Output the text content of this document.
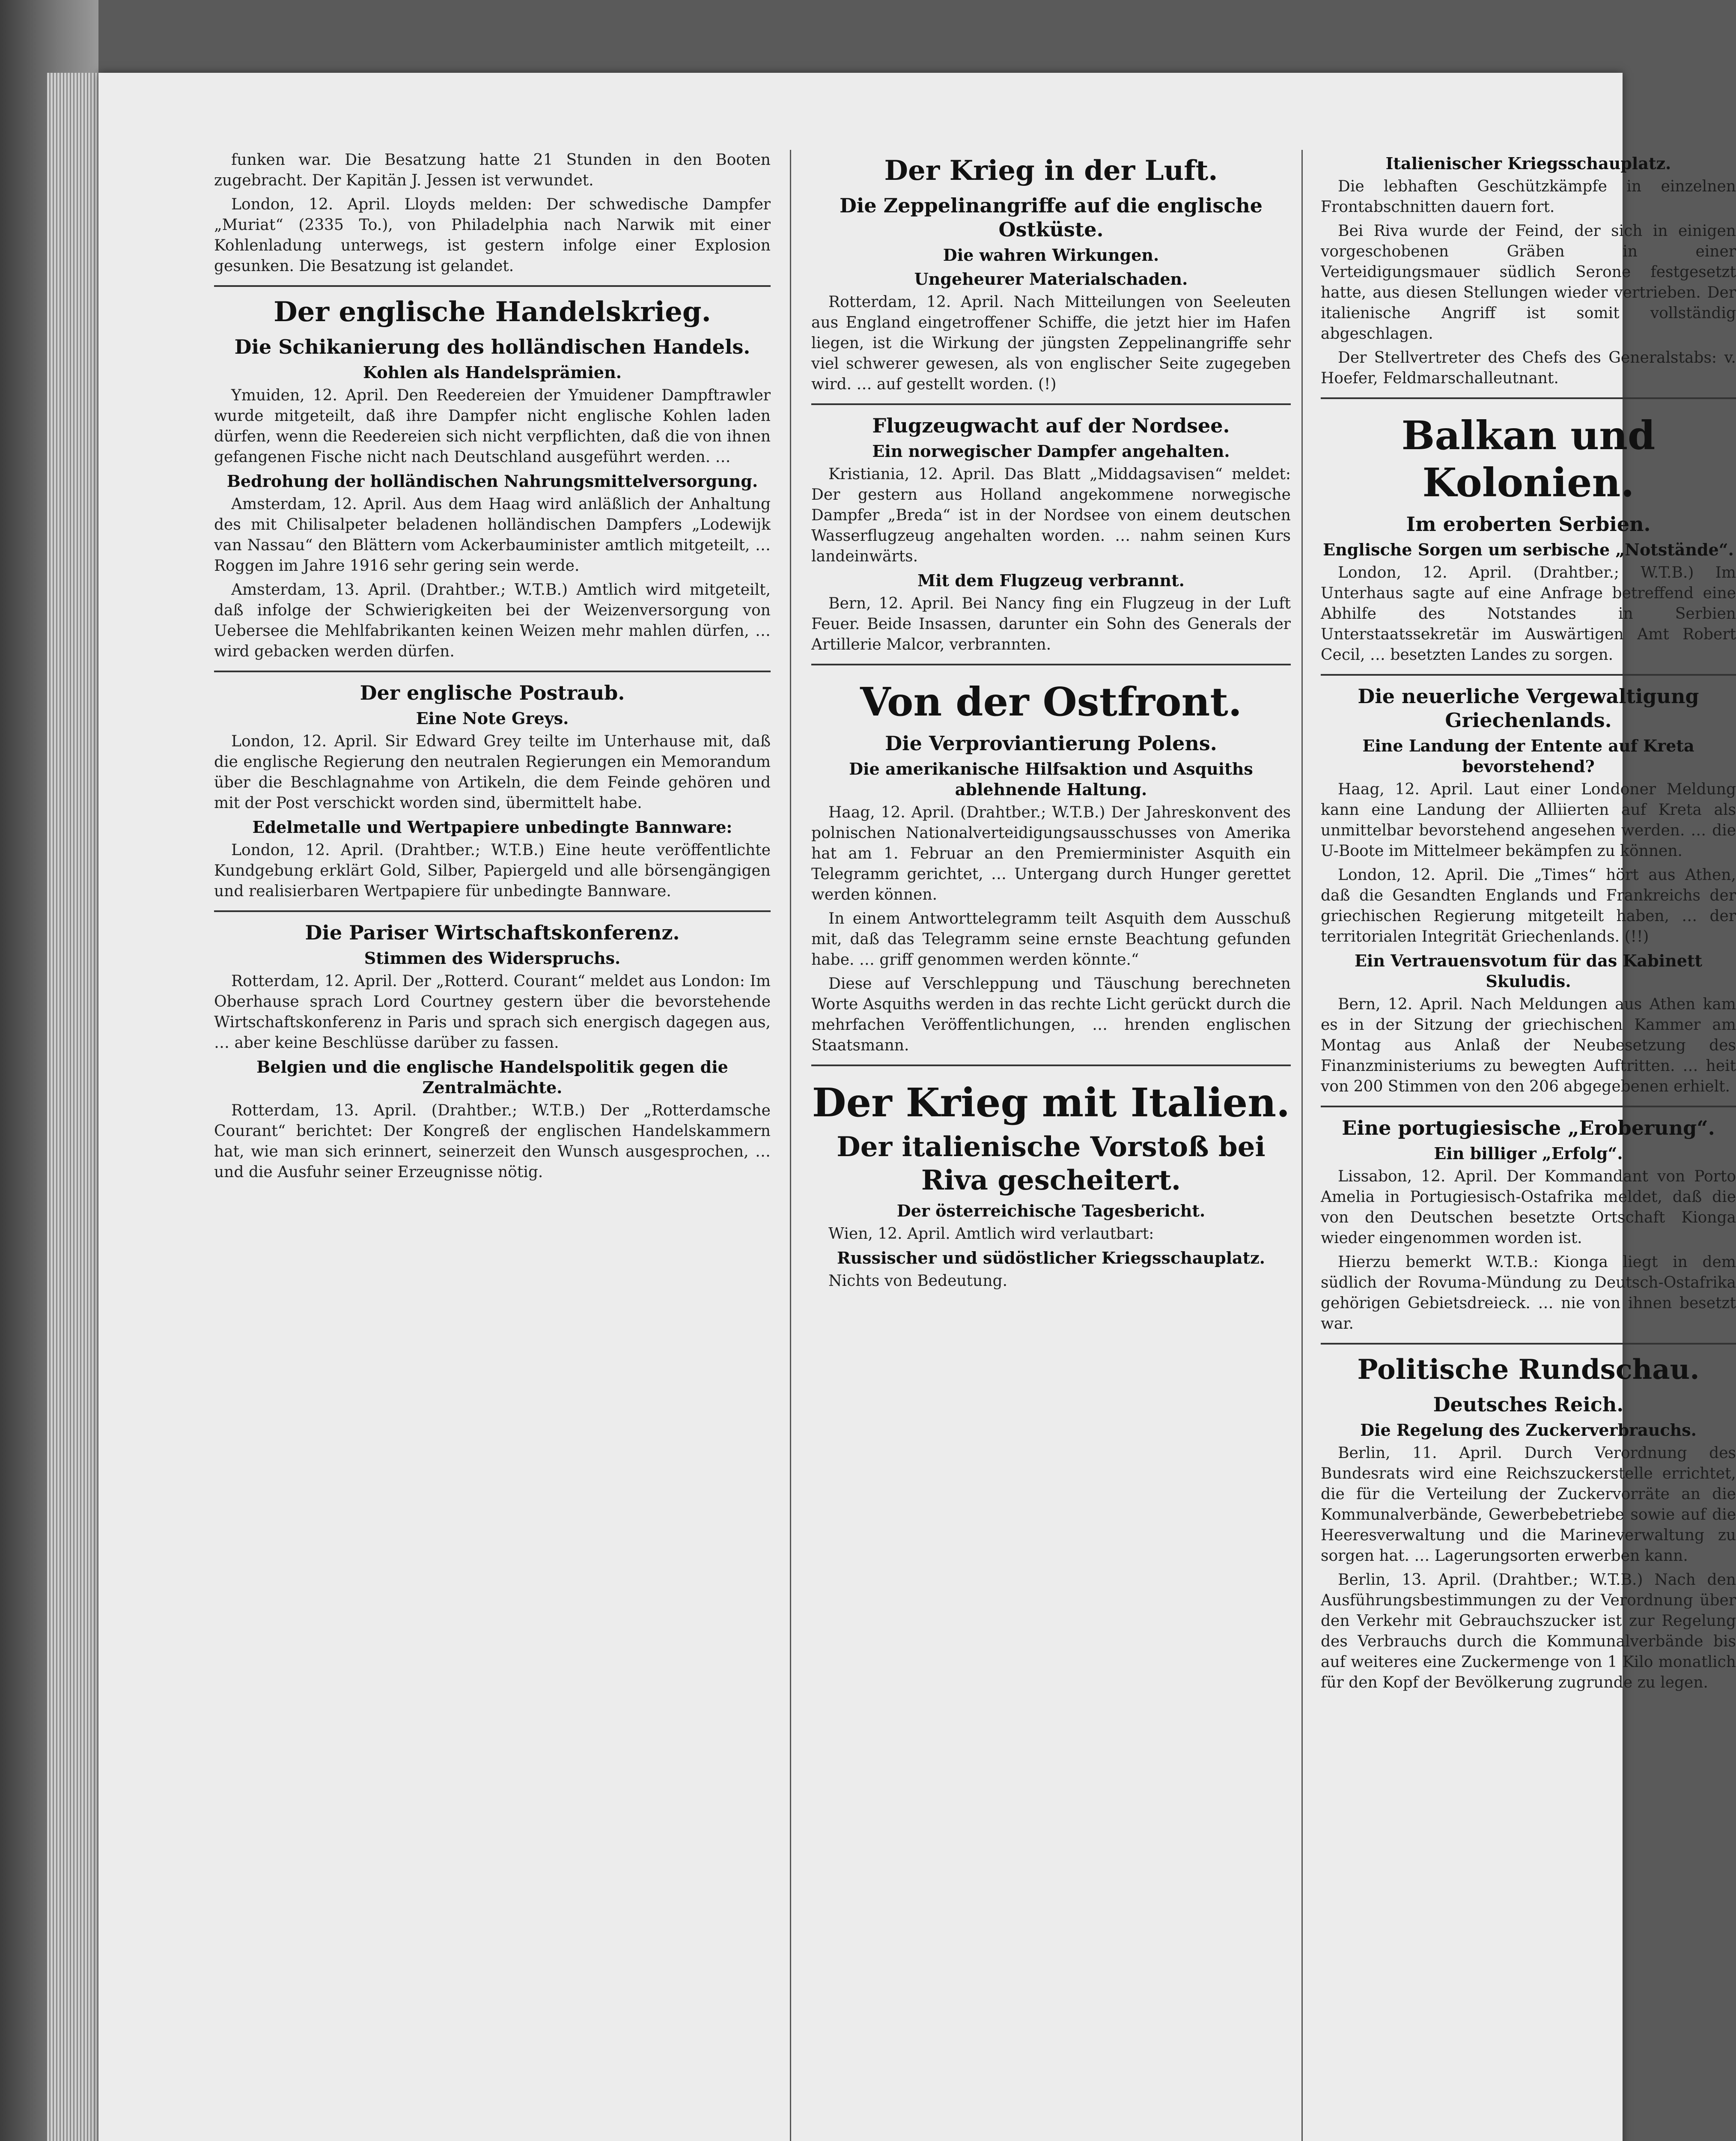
funken war. Die Besatzung hatte 21 Stunden in den Booten zugebracht. Der Kapitän J. Jessen ist verwundet.

London, 12. April. Lloyds melden: Der schwedische Dampfer „Muriat“ (2335 To.), von Philadelphia nach Narwik mit einer Kohlenladung unterwegs, ist gestern infolge einer Explosion gesunken. Die Besatzung ist gelandet.

Der englische Handelskrieg.
Die Schikanierung des holländischen Handels.
Kohlen als Handelsprämien.

Ymuiden, 12. April. Den Reedereien der Ymuidener Dampftrawler wurde mitgeteilt, daß ihre Dampfer nicht englische Kohlen laden dürfen, wenn die Reedereien sich nicht verpflichten, daß die von ihnen gefangenen Fische nicht nach Deutschland ausgeführt werden. …

Bedrohung der holländischen Nahrungsmittelversorgung.

Amsterdam, 12. April. Aus dem Haag wird anläßlich der Anhaltung des mit Chilisalpeter beladenen holländischen Dampfers „Lodewijk van Nassau“ den Blättern vom Ackerbauminister amtlich mitgeteilt, … Roggen im Jahre 1916 sehr gering sein werde.

Amsterdam, 13. April. (Drahtber.; W.T.B.) Amtlich wird mitgeteilt, daß infolge der Schwierigkeiten bei der Weizenversorgung von Uebersee die Mehlfabrikanten keinen Weizen mehr mahlen dürfen, … wird gebacken werden dürfen.

Der englische Postraub.
Eine Note Greys.

London, 12. April. Sir Edward Grey teilte im Unterhause mit, daß die englische Regierung den neutralen Regierungen ein Memorandum über die Beschlagnahme von Artikeln, die dem Feinde gehören und mit der Post verschickt worden sind, übermittelt habe.

Edelmetalle und Wertpapiere unbedingte Bannware:

London, 12. April. (Drahtber.; W.T.B.) Eine heute veröffentlichte Kundgebung erklärt Gold, Silber, Papiergeld und alle börsengängigen und realisierbaren Wertpapiere für unbedingte Bannware.

Die Pariser Wirtschaftskonferenz.
Stimmen des Widerspruchs.

Rotterdam, 12. April. Der „Rotterd. Courant“ meldet aus London: Im Oberhause sprach Lord Courtney gestern über die bevorstehende Wirtschaftskonferenz in Paris und sprach sich energisch dagegen aus, … aber keine Beschlüsse darüber zu fassen.

Belgien und die englische Handelspolitik gegen die Zentralmächte.

Rotterdam, 13. April. (Drahtber.; W.T.B.) Der „Rotterdamsche Courant“ berichtet: Der Kongreß der englischen Handelskammern hat, wie man sich erinnert, seinerzeit den Wunsch ausgesprochen, … und die Ausfuhr seiner Erzeugnisse nötig.

Der Krieg in der Luft.
Die Zeppelinangriffe auf die englische Ostküste.
Die wahren Wirkungen.
Ungeheurer Materialschaden.

Rotterdam, 12. April. Nach Mitteilungen von Seeleuten aus England eingetroffener Schiffe, die jetzt hier im Hafen liegen, ist die Wirkung der jüngsten Zeppelinangriffe sehr viel schwerer gewesen, als von englischer Seite zugegeben wird. … auf gestellt worden. (!)

Flugzeugwacht auf der Nordsee.
Ein norwegischer Dampfer angehalten.

Kristiania, 12. April. Das Blatt „Middagsavisen“ meldet: Der gestern aus Holland angekommene norwegische Dampfer „Breda“ ist in der Nordsee von einem deutschen Wasserflugzeug angehalten worden. … nahm seinen Kurs landeinwärts.

Mit dem Flugzeug verbrannt.

Bern, 12. April. Bei Nancy fing ein Flugzeug in der Luft Feuer. Beide Insassen, darunter ein Sohn des Generals der Artillerie Malcor, verbrannten.

Von der Ostfront.
Die Verproviantierung Polens.
Die amerikanische Hilfsaktion und Asquiths ablehnende Haltung.

Haag, 12. April. (Drahtber.; W.T.B.) Der Jahreskonvent des polnischen Nationalverteidigungsausschusses von Amerika hat am 1. Februar an den Premierminister Asquith ein Telegramm gerichtet, … Untergang durch Hunger gerettet werden können.

In einem Antworttelegramm teilt Asquith dem Ausschuß mit, daß das Telegramm seine ernste Beachtung gefunden habe. … griff genommen werden könnte.“

Diese auf Verschleppung und Täuschung berechneten Worte Asquiths werden in das rechte Licht gerückt durch die mehrfachen Veröffentlichungen, … hrenden englischen Staatsmann.

Der Krieg mit Italien.
Der italienische Vorstoß bei Riva gescheitert.
Der österreichische Tagesbericht.

Wien, 12. April. Amtlich wird verlautbart:

Russischer und südöstlicher Kriegsschauplatz.

Nichts von Bedeutung.

Italienischer Kriegsschauplatz.

Die lebhaften Geschützkämpfe in einzelnen Frontabschnitten dauern fort.

Bei Riva wurde der Feind, der sich in einigen vorgeschobenen Gräben in einer Verteidigungsmauer südlich Serone festgesetzt hatte, aus diesen Stellungen wieder vertrieben. Der italienische Angriff ist somit vollständig abgeschlagen.

Der Stellvertreter des Chefs des Generalstabs: v. Hoefer, Feldmarschalleutnant.

Balkan und Kolonien.
Im eroberten Serbien.
Englische Sorgen um serbische „Notstände“.

London, 12. April. (Drahtber.; W.T.B.) Im Unterhaus sagte auf eine Anfrage betreffend eine Abhilfe des Notstandes in Serbien Unterstaatssekretär im Auswärtigen Amt Robert Cecil, … besetzten Landes zu sorgen.

Die neuerliche Vergewaltigung Griechenlands.
Eine Landung der Entente auf Kreta bevorstehend?

Haag, 12. April. Laut einer Londoner Meldung kann eine Landung der Alliierten auf Kreta als unmittelbar bevorstehend angesehen werden. … die U-Boote im Mittelmeer bekämpfen zu können.

London, 12. April. Die „Times“ hört aus Athen, daß die Gesandten Englands und Frankreichs der griechischen Regierung mitgeteilt haben, … der territorialen Integrität Griechenlands. (!!)

Ein Vertrauensvotum für das Kabinett Skuludis.

Bern, 12. April. Nach Meldungen aus Athen kam es in der Sitzung der griechischen Kammer am Montag aus Anlaß der Neubesetzung des Finanzministeriums zu bewegten Auftritten. … heit von 200 Stimmen von den 206 abgegebenen erhielt.

Eine portugiesische „Eroberung“.
Ein billiger „Erfolg“.

Lissabon, 12. April. Der Kommandant von Porto Amelia in Portugiesisch-Ostafrika meldet, daß die von den Deutschen besetzte Ortschaft Kionga wieder eingenommen worden ist.

Hierzu bemerkt W.T.B.: Kionga liegt in dem südlich der Rovuma-Mündung zu Deutsch-Ostafrika gehörigen Gebietsdreieck. … nie von ihnen besetzt war.

Politische Rundschau.
Deutsches Reich.
Die Regelung des Zuckerverbrauchs.

Berlin, 11. April. Durch Verordnung des Bundesrats wird eine Reichszuckerstelle errichtet, die für die Verteilung der Zuckervorräte an die Kommunalverbände, Gewerbebetriebe sowie auf die Heeresverwaltung und die Marineverwaltung zu sorgen hat. … Lagerungsorten erwerben kann.

Berlin, 13. April. (Drahtber.; W.T.B.) Nach den Ausführungsbestimmungen zu der Verordnung über den Verkehr mit Gebrauchszucker ist zur Regelung des Verbrauchs durch die Kommunalverbände bis auf weiteres eine Zuckermenge von 1 Kilo monatlich für den Kopf der Bevölkerung zugrunde zu legen.
